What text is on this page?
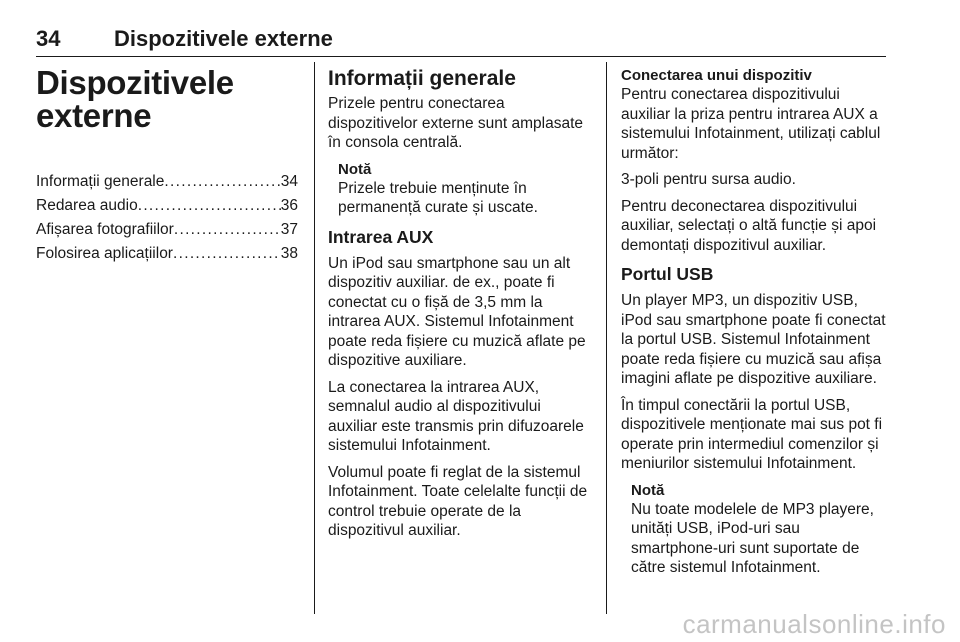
34 Dispozitivele externe
Dispozitivele
externe
Informații generale . . .	34
Redarea audio . . .	36
Afișarea fotografiilor . . .	37
Folosirea aplicațiilor . . .	38
Informații generale

Prizele pentru conectarea dispozitivelor externe sunt amplasate în consola centrală.

Notă

Prizele trebuie menținute în permanență curate și uscate.

Intrarea AUX

Un iPod sau smartphone sau un alt dispozitiv auxiliar. de ex., poate fi conectat cu o fișă de 3,5 mm la intrarea AUX. Sistemul Infotainment poate reda fișiere cu muzică aflate pe dispozitive auxiliare.

La conectarea la intrarea AUX, semnalul audio al dispozitivului auxiliar este transmis prin difuzoarele sistemului Infotainment.

Volumul poate fi reglat de la sistemul Infotainment. Toate celelalte funcții de control trebuie operate de la dispozitivul auxiliar.

Conectarea unui dispozitiv

Pentru conectarea dispozitivului auxiliar la priza pentru intrarea AUX a sistemului Infotainment, utilizați cablul următor:

3-poli pentru sursa audio.

Pentru deconectarea dispozitivului auxiliar, selectați o altă funcție și apoi demontați dispozitivul auxiliar.

Portul USB

Un player MP3, un dispozitiv USB, iPod sau smartphone poate fi conectat la portul USB. Sistemul Infotainment poate reda fișiere cu muzică sau afișa imagini aflate pe dispozitive auxiliare.

În timpul conectării la portul USB, dispozitivele menționate mai sus pot fi operate prin intermediul comenzilor și meniurilor sistemului Infotainment.

Notă

Nu toate modelele de MP3 playere, unități USB, iPod-uri sau smartphone-uri sunt suportate de către sistemul Infotainment.

carmanualsonline.info
